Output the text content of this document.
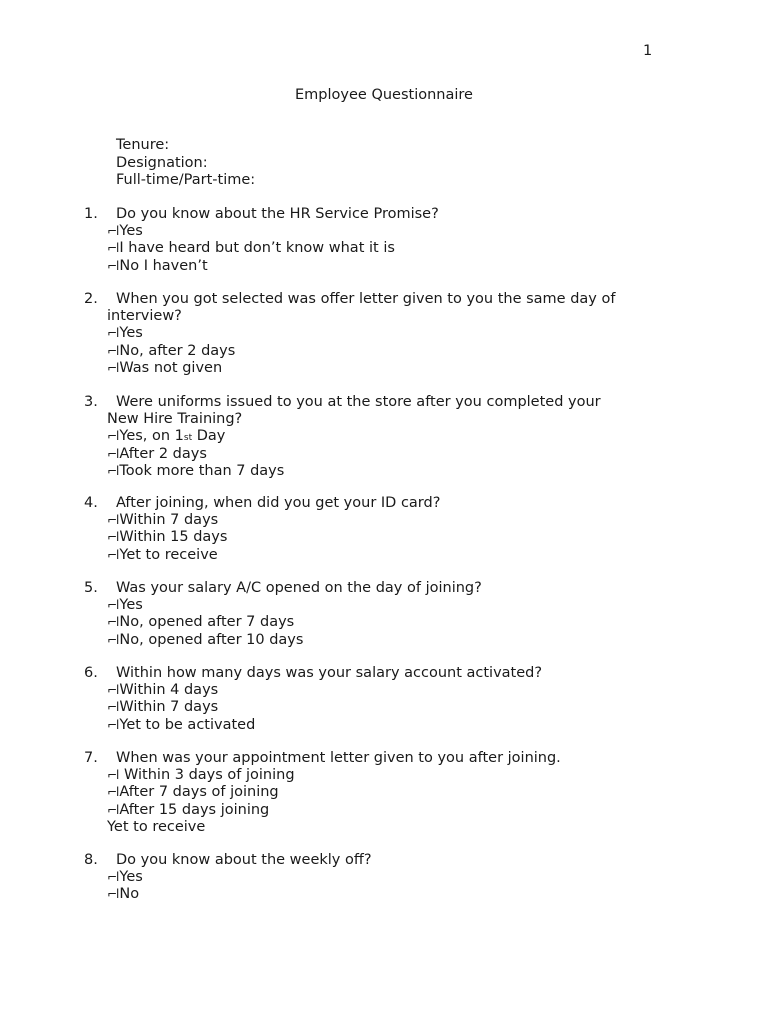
1
Employee Questionnaire
Tenure:
Designation:
Full-time/Part-time:
1.	Do you know about the HR Service Promise?
⌐l Yes
⌐l I have heard but don’t know what it is
⌐l No I haven’t
2.	When you got selected was offer letter given to you the same day of
interview?
⌐l Yes
⌐l No, after 2 days
⌐l Was not given
3.	Were uniforms issued to you at the store after you completed your
New Hire Training?
⌐l Yes, on 1 st Day
⌐l After 2 days
⌐l Took more than 7 days
4.	After joining, when did you get your ID card?
⌐l Within 7 days
⌐l Within 15 days
⌐l Yet to receive
5.	Was your salary A/C opened on the day of joining?
⌐l Yes
⌐l No, opened after 7 days
⌐l No, opened after 10 days
6.	Within how many days was your salary account activated?
⌐l Within 4 days
⌐l Within 7 days
⌐l Yet to be activated
7.	When was your appointment letter given to you after joining.
⌐l Within 3 days of joining
⌐l After 7 days of joining
⌐l After 15 days joining
Yet to receive
8.	Do you know about the weekly off?
⌐l Yes
⌐l No
